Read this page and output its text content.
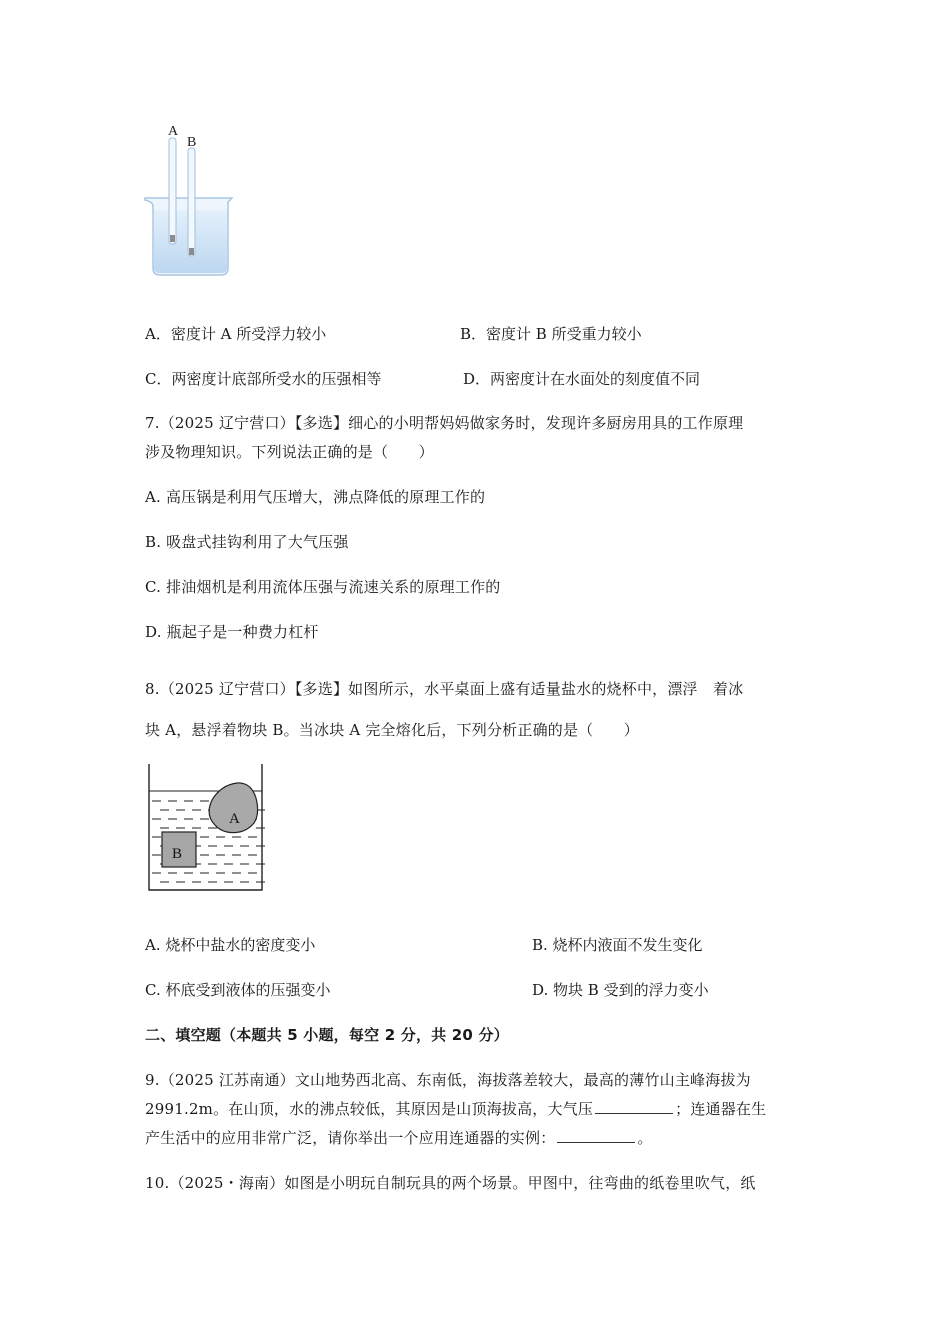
A
B
A．密度计 A 所受浮力较小	B．密度计 B 所受重力较小
C．两密度计底部所受水的压强相等	D．两密度计在水面处的刻度值不同
7.（2025 辽宁营口）【多选】细心的小明帮妈妈做家务时，发现许多厨房用具的工作原理
涉及物理知识。下列说法正确的是（　　）
A. 高压锅是利用气压增大，沸点降低的原理工作的
B. 吸盘式挂钩利用了大气压强
C. 排油烟机是利用流体压强与流速关系的原理工作的
D. 瓶起子是一种费力杠杆
8.（2025 辽宁营口）【多选】如图所示，水平桌面上盛有适量盐水的烧杯中，漂浮　着冰
块 A，悬浮着物块 B。当冰块 A 完全熔化后，下列分析正确的是（　　）
A
B
A. 烧杯中盐水的密度变小	B. 烧杯内液面不发生变化
C. 杯底受到液体的压强变小	D. 物块 B 受到的浮力变小
二、填空题（本题共 5 小题，每空 2 分，共 20 分）
9.（2025 江苏南通）文山地势西北高、东南低，海拔落差较大，最高的薄竹山主峰海拔为
2991.2m。在山顶，水的沸点较低，其原因是山顶海拔高，大气压	；连通器在生
产生活中的应用非常广泛，请你举出一个应用连通器的实例：	。
10.（2025・海南）如图是小明玩自制玩具的两个场景。甲图中，往弯曲的纸卷里吹气，纸
